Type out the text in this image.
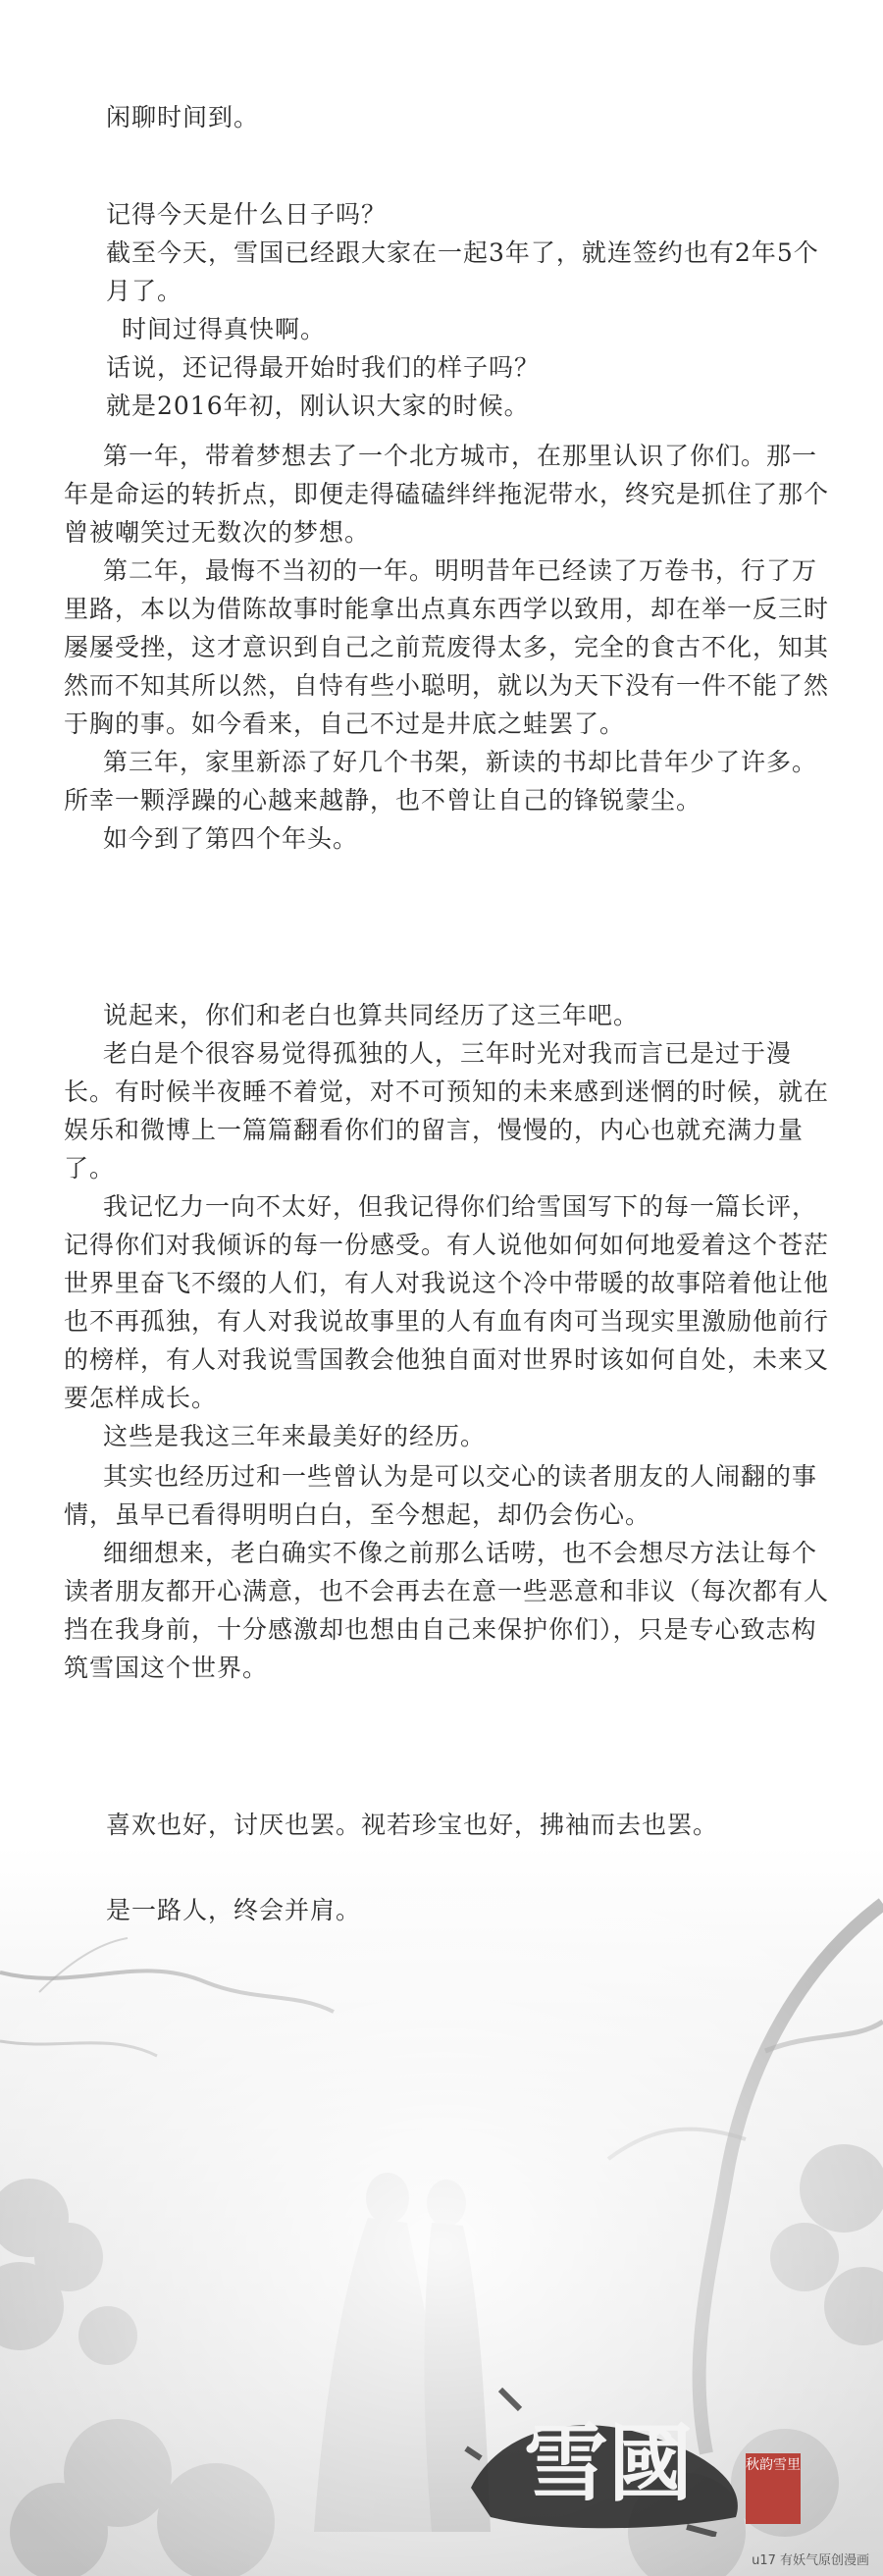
闲聊时间到。

记得今天是什么日子吗？

截至今天，雪国已经跟大家在一起3年了，就连签约也有2年5个月了。

时间过得真快啊。

话说，还记得最开始时我们的样子吗？

就是2016年初，刚认识大家的时候。

第一年，带着梦想去了一个北方城市，在那里认识了你们。那一年是命运的转折点，即便走得磕磕绊绊拖泥带水，终究是抓住了那个曾被嘲笑过无数次的梦想。

第二年，最悔不当初的一年。明明昔年已经读了万卷书，行了万里路，本以为借陈故事时能拿出点真东西学以致用，却在举一反三时屡屡受挫，这才意识到自己之前荒废得太多，完全的食古不化，知其然而不知其所以然，自恃有些小聪明，就以为天下没有一件不能了然于胸的事。如今看来，自己不过是井底之蛙罢了。

第三年，家里新添了好几个书架，新读的书却比昔年少了许多。所幸一颗浮躁的心越来越静，也不曾让自己的锋锐蒙尘。

如今到了第四个年头。

说起来，你们和老白也算共同经历了这三年吧。

老白是个很容易觉得孤独的人，三年时光对我而言已是过于漫长。有时候半夜睡不着觉，对不可预知的未来感到迷惘的时候，就在娱乐和微博上一篇篇翻看你们的留言，慢慢的，内心也就充满力量了。

我记忆力一向不太好，但我记得你们给雪国写下的每一篇长评，记得你们对我倾诉的每一份感受。有人说他如何如何地爱着这个苍茫世界里奋飞不缀的人们，有人对我说这个冷中带暖的故事陪着他让他也不再孤独，有人对我说故事里的人有血有肉可当现实里激励他前行的榜样，有人对我说雪国教会他独自面对世界时该如何自处，未来又要怎样成长。

这些是我这三年来最美好的经历。

其实也经历过和一些曾认为是可以交心的读者朋友的人闹翻的事情，虽早已看得明明白白，至今想起，却仍会伤心。

细细想来，老白确实不像之前那么话唠，也不会想尽方法让每个读者朋友都开心满意，也不会再去在意一些恶意和非议（每次都有人挡在我身前，十分感激却也想由自己来保护你们），只是专心致志构筑雪国这个世界。

喜欢也好，讨厌也罢。视若珍宝也好，拂袖而去也罢。

是一路人，终会并肩。

雪國	秋韵雪里
u17 有妖气原创漫画
